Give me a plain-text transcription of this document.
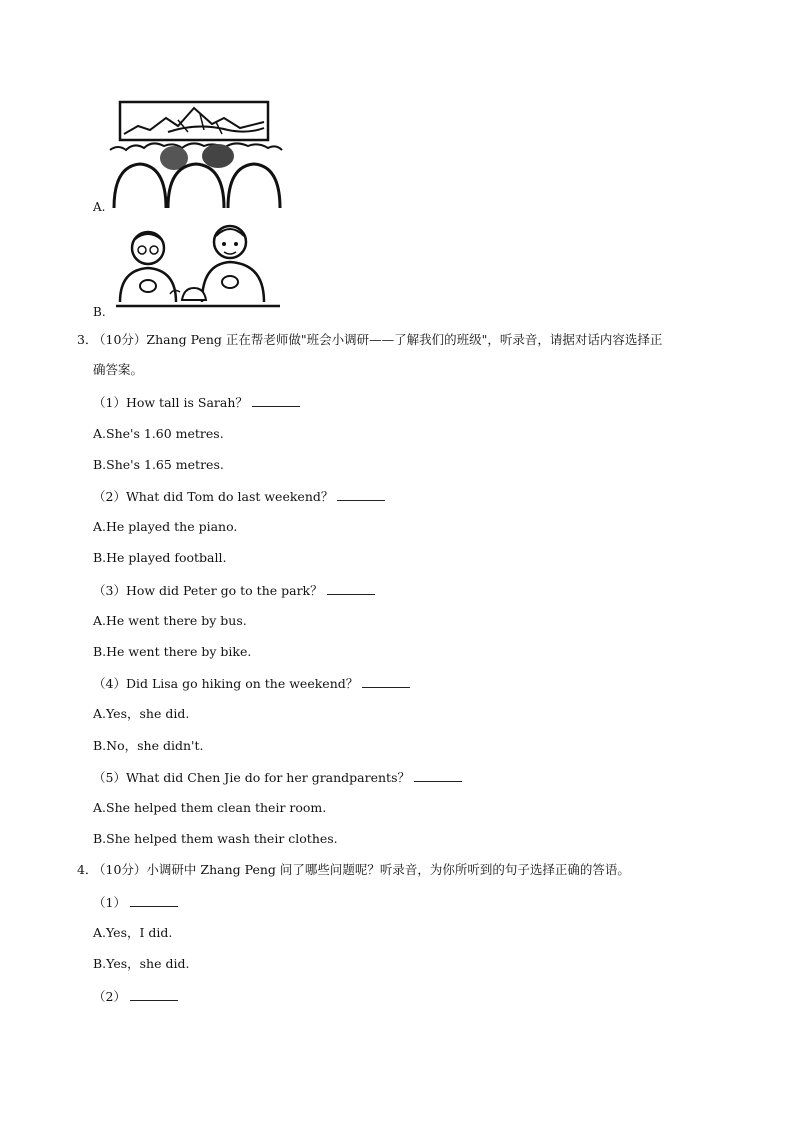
A.
B.
3．
（10分）Zhang Peng 正在帮老师做"班会小调研——了解我们的班级"，听录音，请据对话内容选择正
确答案。
（1）How tall is Sarah？
A.She's 1.60 metres.
B.She's 1.65 metres.
（2）What did Tom do last weekend？
A.He played the piano.
B.He played football.
（3）How did Peter go to the park？
A.He went there by bus.
B.He went there by bike.
（4）Did Lisa go hiking on the weekend？
A.Yes，she did.
B.No，she didn't.
（5）What did Chen Jie do for her grandparents？
A.She helped them clean their room.
B.She helped them wash their clothes.
4．
（10分）小调研中 Zhang Peng 问了哪些问题呢？听录音，为你所听到的句子选择正确的答语。
（1）
A.Yes，I did.
B.Yes，she did.
（2）
